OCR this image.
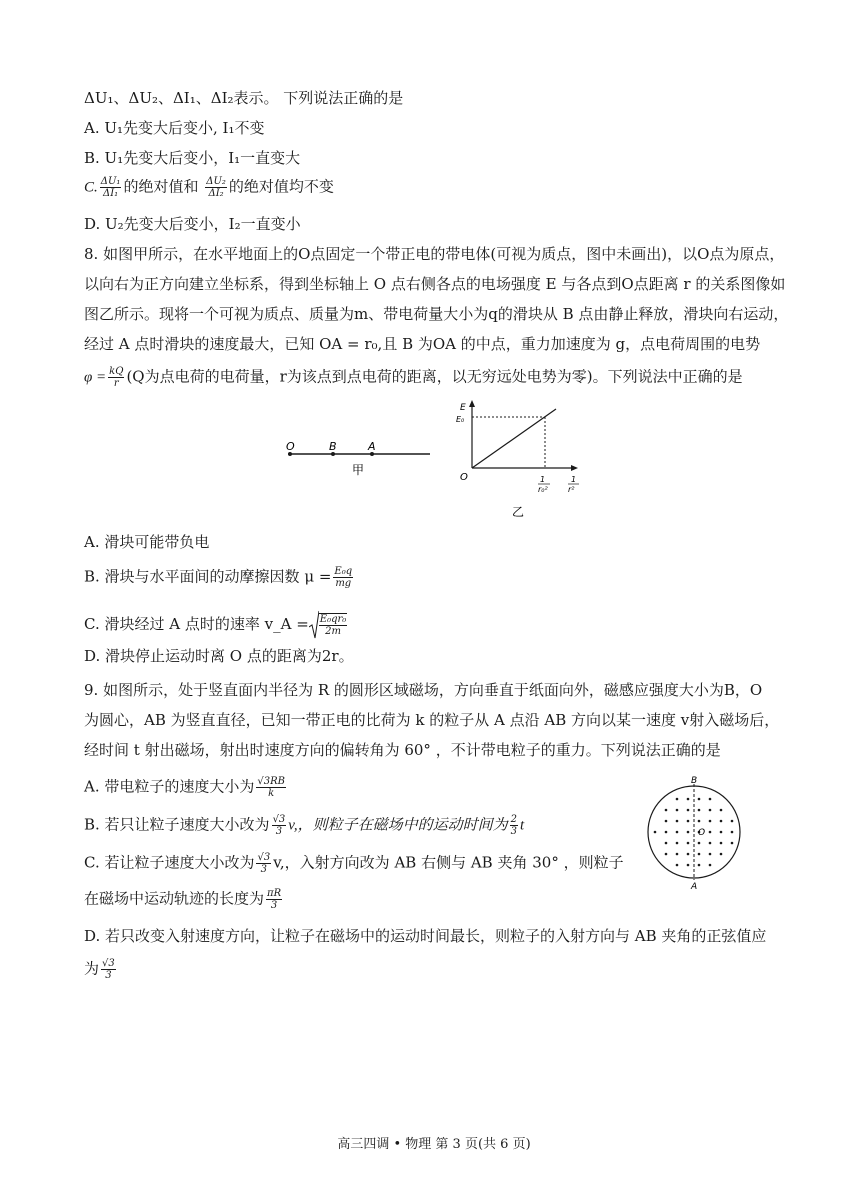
ΔU₁、ΔU₂、ΔI₁、ΔI₂表示。 下列说法正确的是
A. U₁先变大后变小, I₁不变
B. U₁先变大后变小，I₁一直变大
C. $\frac{\text{ΔU₁}}{\text{ΔI₁}}$ 的绝对值和 $\frac{\text{ΔU₂}}{\text{ΔI₂}}$ 的绝对值均不变
D. U₂先变大后变小，I₂一直变小
8. 如图甲所示，在水平地面上的O点固定一个带正电的带电体(可视为质点，图中未画出)，以O点为原点，
以向右为正方向建立坐标系，得到坐标轴上 O 点右侧各点的电场强度 E 与各点到O点距离 r 的关系图像如
图乙所示。现将一个可视为质点、质量为m、带电荷量大小为q的滑块从 B 点由静止释放，滑块向右运动，
经过 A 点时滑块的速度最大，已知 OA = r₀,且 B 为OA 的中点，重力加速度为 g，点电荷周围的电势
$\varphi = \frac{kQ}{r} (Q$为点电荷的电荷量，r为该点到点电荷的距离，以无穷远处电势为零)。下列说法中正确的是
O	B	A
甲
E
E₀
O	1
r₀²
1
r²
乙
A. 滑块可能带负电
B. 滑块与水平面间的动摩擦因数 $\mu = \frac{\text{E₀q}}{mg}$
C. 滑块经过 A 点时的速率 v_A = $\frac{\text{E₀qr₀}}{2m}$
D. 滑块停止运动时离 O 点的距离为2r。
9. 如图所示，处于竖直面内半径为 R 的圆形区域磁场，方向垂直于纸面向外，磁感应强度大小为B，O
为圆心，AB 为竖直直径，已知一带正电的比荷为 k 的粒子从 A 点沿 AB 方向以某一速度 v射入磁场后，
经时间 t 射出磁场，射出时速度方向的偏转角为 60° ，不计带电粒子的重力。下列说法正确的是
A. 带电粒子的速度大小为 $\frac{√3RB}{k}$
B. 若只让粒子速度大小改为 $\frac{√3}{3} v$,，则粒子在磁场中的运动时间为 $\frac{2}{3}$ t
C. 若让粒子速度大小改为 $\frac{√3}{3} v$,，入射方向改为 AB 右侧与 AB 夹角 30° ，则粒子
在磁场中运动轨迹的长度为 $\frac{\pi R}{3}$
D. 若只改变入射速度方向，让粒子在磁场中的运动时间最长，则粒子的入射方向与 AB 夹角的正弦值应
为 $\frac{√3}{3}$
B
O
A
高三四调 • 物理 第 3 页(共 6 页)
